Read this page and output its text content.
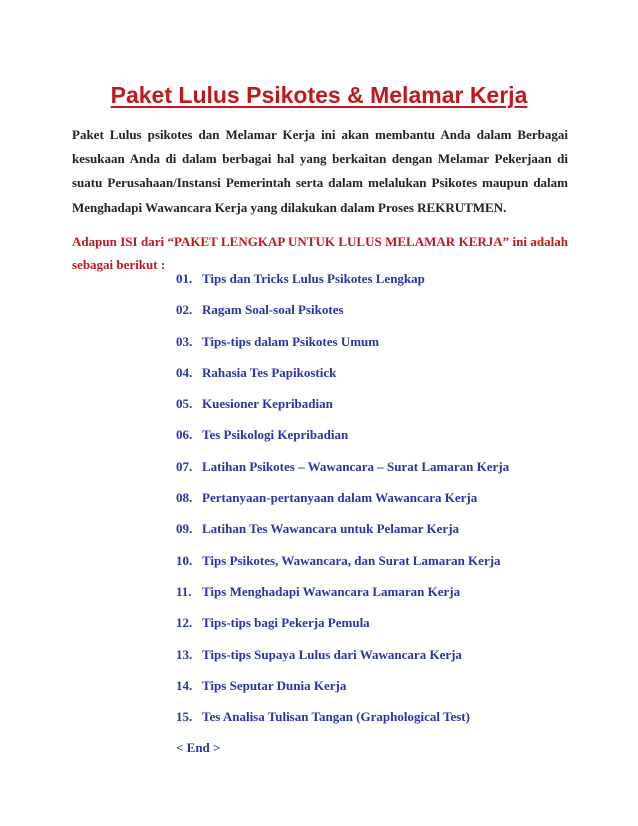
Paket Lulus Psikotes & Melamar Kerja

Paket Lulus psikotes dan Melamar Kerja ini akan membantu Anda dalam Berbagai kesukaan Anda di dalam berbagai hal yang berkaitan dengan Melamar Pekerjaan di suatu Perusahaan/Instansi Pemerintah serta dalam melalukan Psikotes maupun dalam Menghadapi Wawancara Kerja yang dilakukan dalam Proses REKRUTMEN.

Adapun ISI dari “PAKET LENGKAP UNTUK LULUS MELAMAR KERJA” ini adalah sebagai berikut :

01. Tips dan Tricks Lulus Psikotes Lengkap
02. Ragam Soal-soal Psikotes
03. Tips-tips dalam Psikotes Umum
04. Rahasia Tes Papikostick
05. Kuesioner Kepribadian
06. Tes Psikologi Kepribadian
07. Latihan Psikotes – Wawancara – Surat Lamaran Kerja
08. Pertanyaan-pertanyaan dalam Wawancara Kerja
09. Latihan Tes Wawancara untuk Pelamar Kerja
10. Tips Psikotes, Wawancara, dan Surat Lamaran Kerja
11. Tips Menghadapi Wawancara Lamaran Kerja
12. Tips-tips bagi Pekerja Pemula
13. Tips-tips Supaya Lulus dari Wawancara Kerja
14. Tips Seputar Dunia Kerja
15. Tes Analisa Tulisan Tangan (Graphological Test)
< End >
